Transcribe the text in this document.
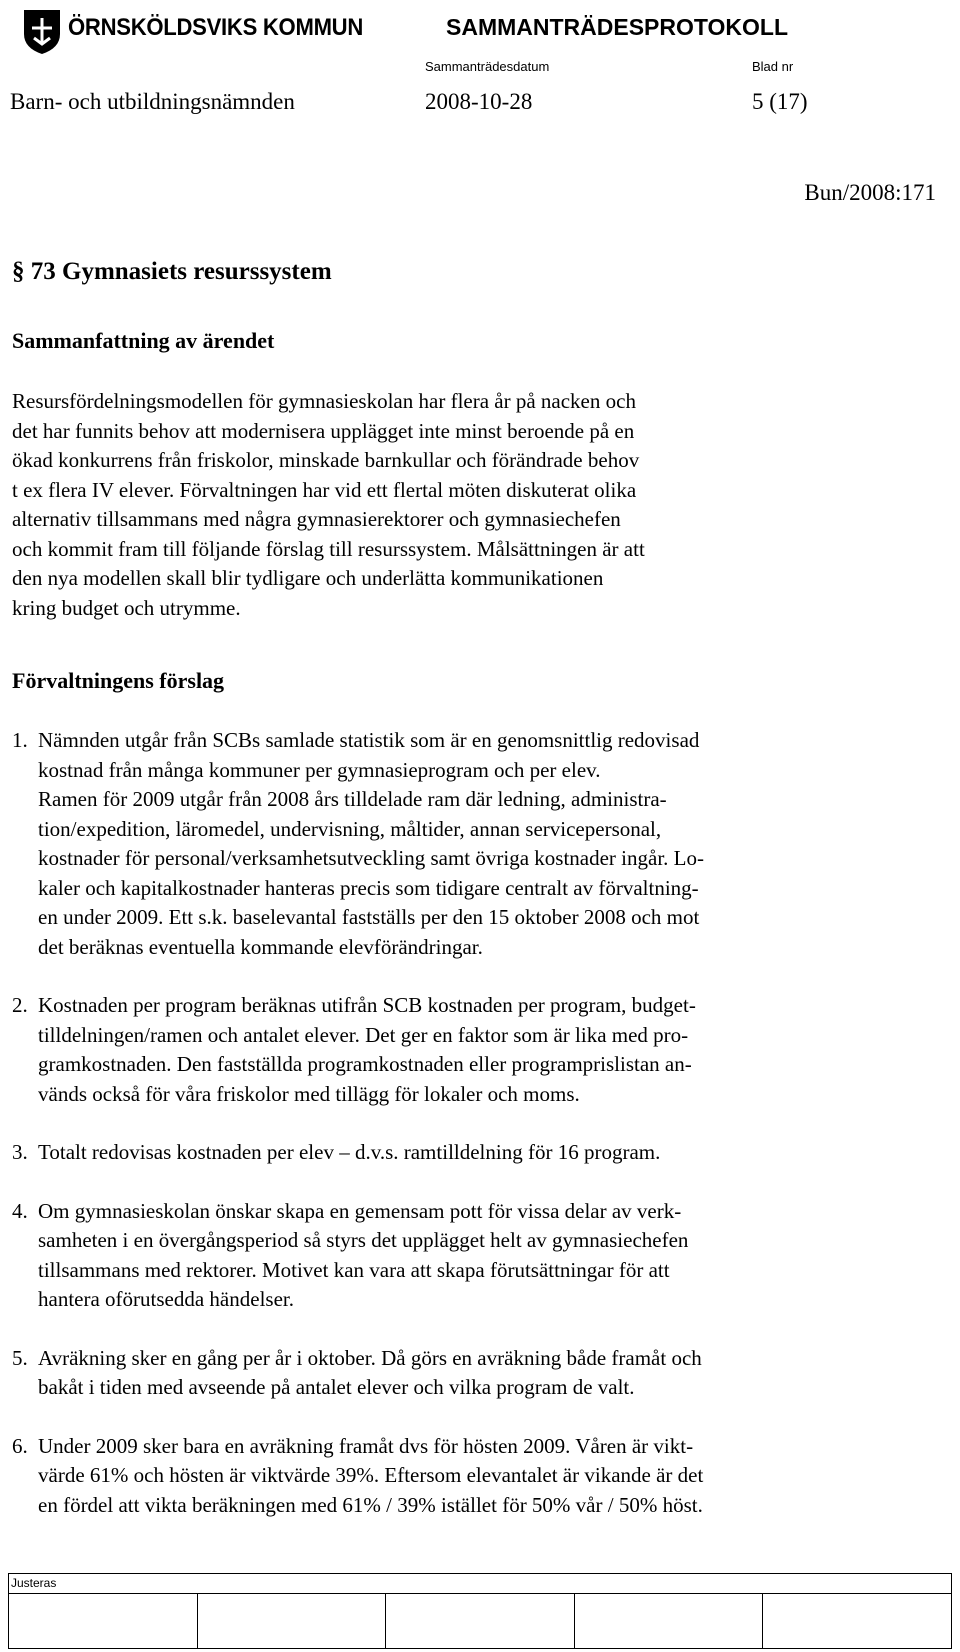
ÖRNSKÖLDSVIKS KOMMUN	SAMMANTRÄDESPROTOKOLL
Sammanträdesdatum	Blad nr
Barn- och utbildningsnämnden	2008-10-28	5 (17)
Bun/2008:171
§ 73 Gymnasiets resurssystem
Sammanfattning av ärendet

Resursfördelningsmodellen för gymnasieskolan har flera år på nacken och

det har funnits behov att modernisera upplägget inte minst beroende på en

ökad konkurrens från friskolor, minskade barnkullar och förändrade behov

t ex flera IV elever. Förvaltningen har vid ett flertal möten diskuterat olika

alternativ tillsammans med några gymnasierektorer och gymnasiechefen

och kommit fram till följande förslag till resurssystem. Målsättningen är att

den nya modellen skall blir tydligare och underlätta kommunikationen

kring budget och utrymme.

Förvaltningens förslag
1. Nämnden utgår från SCBs samlade statistik som är en genomsnittlig redovisad
kostnad från många kommuner per gymnasieprogram och per elev.
Ramen för 2009 utgår från 2008 års tilldelade ram där ledning, administra-
tion/expedition, läromedel, undervisning, måltider, annan servicepersonal,
kostnader för personal/verksamhetsutveckling samt övriga kostnader ingår. Lo-
kaler och kapitalkostnader hanteras precis som tidigare centralt av förvaltning-
en under 2009. Ett s.k. baselevantal fastställs per den 15 oktober 2008 och mot
det beräknas eventuella kommande elevförändringar.
2. Kostnaden per program beräknas utifrån SCB kostnaden per program, budget-
tilldelningen/ramen och antalet elever. Det ger en faktor som är lika med pro-
gramkostnaden. Den fastställda programkostnaden eller programprislistan an-
vänds också för våra friskolor med tillägg för lokaler och moms.
3. Totalt redovisas kostnaden per elev – d.v.s. ramtilldelning för 16 program.
4. Om gymnasieskolan önskar skapa en gemensam pott för vissa delar av verk-
samheten i en övergångsperiod så styrs det upplägget helt av gymnasiechefen
tillsammans med rektorer. Motivet kan vara att skapa förutsättningar för att
hantera oförutsedda händelser.
5. Avräkning sker en gång per år i oktober. Då görs en avräkning både framåt och
bakåt i tiden med avseende på antalet elever och vilka program de valt.
6. Under 2009 sker bara en avräkning framåt dvs för hösten 2009. Våren är vikt-
värde 61% och hösten är viktvärde 39%. Eftersom elevantalet är vikande är det
en fördel att vikta beräkningen med 61% / 39% istället för 50% vår / 50% höst.
Justeras
